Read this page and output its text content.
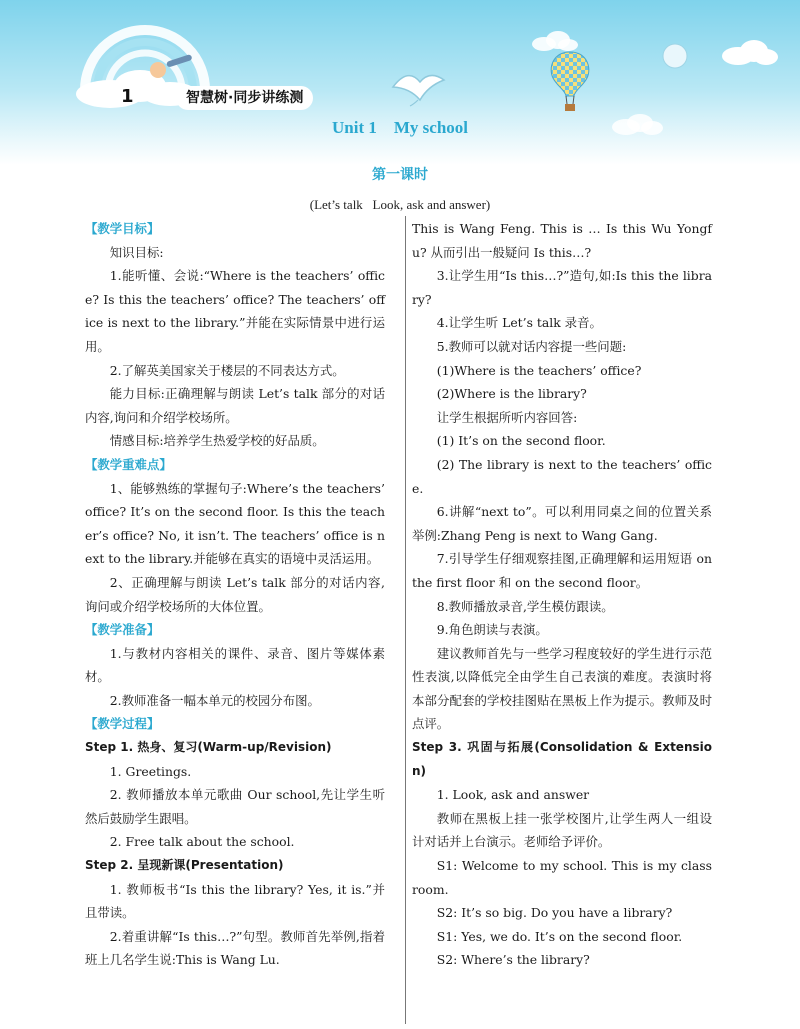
1	智慧树·同步讲练测
Unit 1    My school
第一课时
(Let’s talk   Look, ask and answer)

【教学目标】

知识目标:

1.能听懂、会说:“Where is the teachers’ office? Is this the teachers’ office? The teachers’ office is next to the library.”并能在实际情景中进行运用。

2.了解英美国家关于楼层的不同表达方式。

能力目标:正确理解与朗读 Let’s talk 部分的对话内容,询问和介绍学校场所。

情感目标:培养学生热爱学校的好品质。

【教学重难点】

1、能够熟练的掌握句子:Where’s the teachers’ office? It’s on the second floor. Is this the teacher’s office? No, it isn’t. The teachers’ office is next to the library.并能够在真实的语境中灵活运用。

2、正确理解与朗读 Let’s talk 部分的对话内容,询问或介绍学校场所的大体位置。

【教学准备】

1.与教材内容相关的课件、录音、图片等媒体素材。

2.教师准备一幅本单元的校园分布图。

【教学过程】

Step 1. 热身、复习(Warm-up/Revision)

1. Greetings.

2. 教师播放本单元歌曲 Our school,先让学生听然后鼓励学生跟唱。

2. Free talk about the school.

Step 2. 呈现新课(Presentation)

1. 教师板书“Is this the library? Yes, it is.”并且带读。

2.着重讲解“Is this…?”句型。教师首先举例,指着班上几名学生说:This is Wang Lu.

This is Wang Feng. This is … Is this Wu Yongfu? 从而引出一般疑问 Is this…?

3.让学生用“Is this…?”造句,如:Is this the library?

4.让学生听 Let’s talk 录音。

5.教师可以就对话内容提一些问题:

(1)Where is the teachers’ office?

(2)Where is the library?

让学生根据所听内容回答:

(1) It’s on the second floor.

(2) The library is next to the teachers’ office.

6.讲解“next to”。可以利用同桌之间的位置关系举例:Zhang Peng is next to Wang Gang.

7.引导学生仔细观察挂图,正确理解和运用短语 on the first floor 和 on the second floor。

8.教师播放录音,学生模仿跟读。

9.角色朗读与表演。

建议教师首先与一些学习程度较好的学生进行示范性表演,以降低完全由学生自己表演的难度。表演时将本部分配套的学校挂图贴在黑板上作为提示。教师及时点评。

Step 3. 巩固与拓展(Consolidation & Extension)

1. Look, ask and answer

教师在黑板上挂一张学校图片,让学生两人一组设计对话并上台演示。老师给予评价。

S1: Welcome to my school. This is my classroom.

S2: It’s so big. Do you have a library?

S1: Yes, we do. It’s on the second floor.

S2: Where’s the library?
